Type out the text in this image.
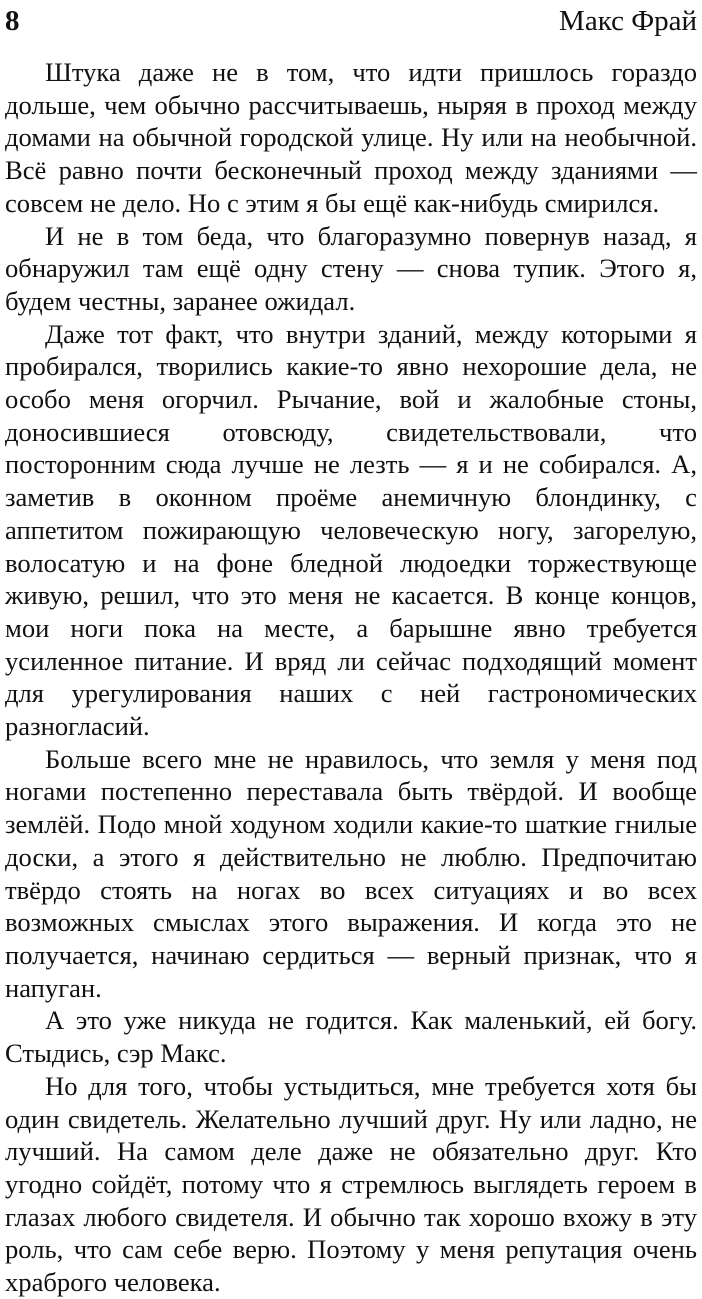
8	Макс Фрай

Штука даже не в том, что идти пришлось гораздо дольше, чем обычно рассчитываешь, ныряя в проход между домами на обычной городской улице. Ну или на необычной. Всё равно почти бесконечный проход между зданиями — совсем не дело. Но с этим я бы ещё как-нибудь смирился.

И не в том беда, что благоразумно повернув назад, я обнаружил там ещё одну стену — снова тупик. Этого я, будем честны, заранее ожидал.

Даже тот факт, что внутри зданий, между которыми я пробирался, творились какие-то явно нехорошие дела, не особо меня огорчил. Рычание, вой и жалобные стоны, доносившиеся отовсюду, свидетельствовали, что посторонним сюда лучше не лезть — я и не собирался. А, заметив в оконном проёме анемичную блондинку, с аппетитом пожирающую человеческую ногу, загорелую, волосатую и на фоне бледной людоедки торжествующе живую, решил, что это меня не касается. В конце концов, мои ноги пока на месте, а барышне явно требуется усиленное питание. И вряд ли сейчас подходящий момент для урегулирования наших с ней гастрономических разногласий.

Больше всего мне не нравилось, что земля у меня под ногами постепенно переставала быть твёрдой. И вообще землёй. Подо мной ходуном ходили какие-то шаткие гнилые доски, а этого я действительно не люблю. Предпочитаю твёрдо стоять на ногах во всех ситуациях и во всех возможных смыслах этого выражения. И когда это не получается, начинаю сердиться — верный признак, что я напуган.

А это уже никуда не годится. Как маленький, ей богу. Стыдись, сэр Макс.

Но для того, чтобы устыдиться, мне требуется хотя бы один свидетель. Желательно лучший друг. Ну или ладно, не лучший. На самом деле даже не обязательно друг. Кто угодно сойдёт, потому что я стремлюсь выглядеть героем в глазах любого свидетеля. И обычно так хорошо вхожу в эту роль, что сам себе верю. Поэтому у меня репутация очень храброго человека.
